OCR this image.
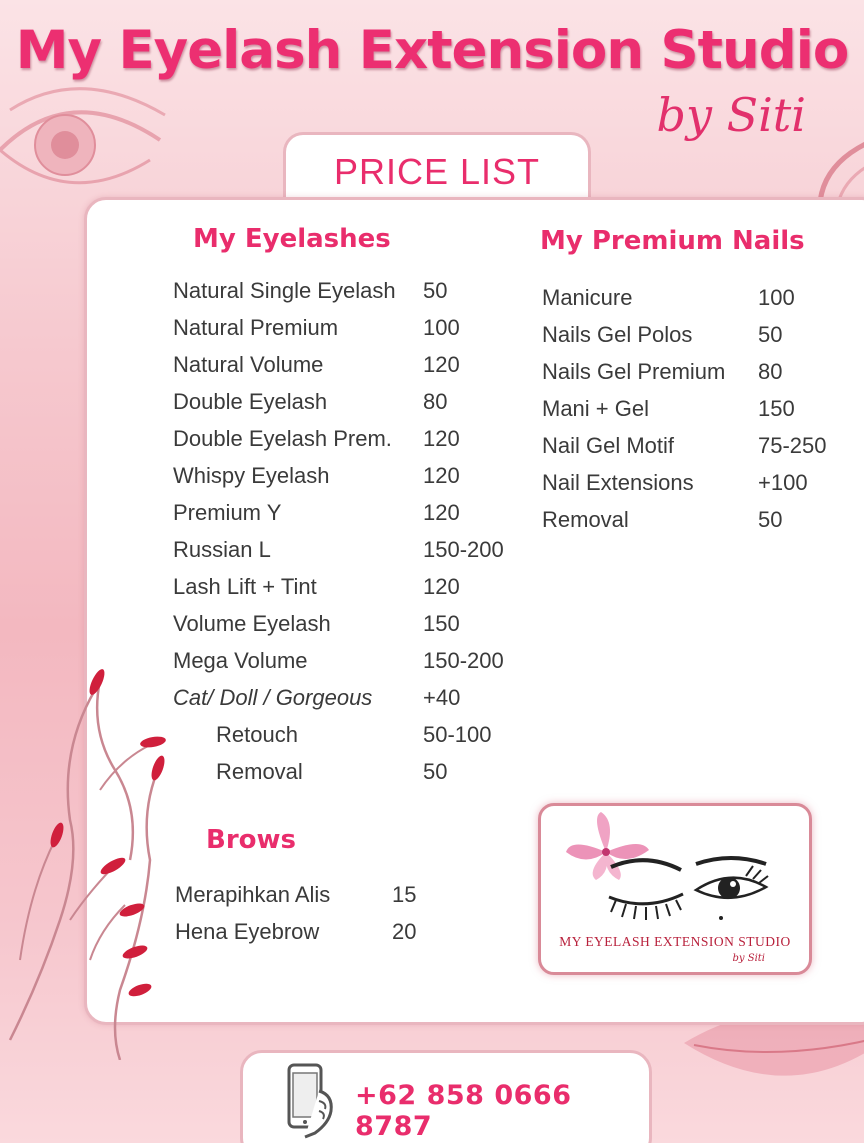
My Eyelash Extension Studio
by Siti
PRICE LIST
My Eyelashes
Natural Single Eyelash 50
Natural Premium	100
Natural Volume	120
Double Eyelash	80
Double Eyelash Prem. 120
Whispy Eyelash	120
Premium Y	120
Russian L	150-200
Lash Lift + Tint	120
Volume Eyelash	150
Mega Volume	150-200
Cat/ Doll / Gorgeous +40
Retouch	50-100
Removal	50
My Premium Nails
Manicure	100
Nails Gel Polos	50
Nails Gel Premium 80
Mani + Gel	150
Nail Gel Motif	75-250
Nail Extensions	+100
Removal	50
Brows
Merapihkan Alis	15
Hena Eyebrow	20	MY EYELASH EXTENSION STUDIO
by Siti
+62 858 0666 8787
